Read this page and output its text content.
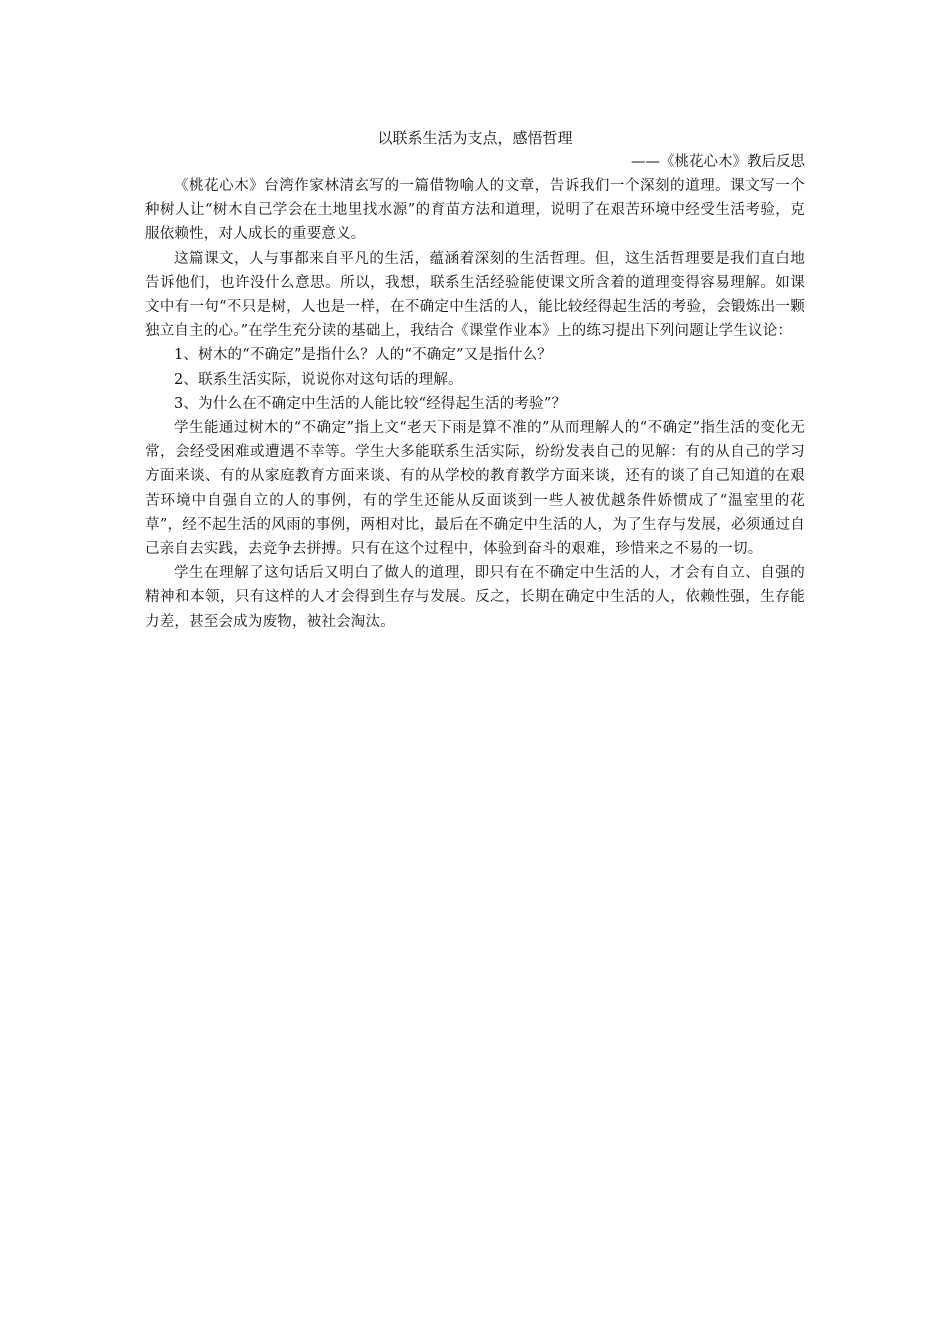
以联系生活为支点，感悟哲理

——《桃花心木》教后反思

《桃花心木》台湾作家林清玄写的一篇借物喻人的文章，告诉我们一个深刻的道理。课文写一个种树人让“树木自己学会在土地里找水源”的育苗方法和道理，说明了在艰苦环境中经受生活考验，克服依赖性，对人成长的重要意义。

这篇课文，人与事都来自平凡的生活，蕴涵着深刻的生活哲理。但，这生活哲理要是我们直白地告诉他们，也许没什么意思。所以，我想，联系生活经验能使课文所含着的道理变得容易理解。如课文中有一句“不只是树，人也是一样，在不确定中生活的人，能比较经得起生活的考验，会锻炼出一颗独立自主的心。”在学生充分读的基础上，我结合《课堂作业本》上的练习提出下列问题让学生议论：

1、树木的“不确定”是指什么？人的“不确定”又是指什么？

2、联系生活实际，说说你对这句话的理解。

3、为什么在不确定中生活的人能比较“经得起生活的考验”？

学生能通过树木的“不确定”指上文“老天下雨是算不准的”从而理解人的“不确定”指生活的变化无常，会经受困难或遭遇不幸等。学生大多能联系生活实际，纷纷发表自己的见解：有的从自己的学习方面来谈、有的从家庭教育方面来谈、有的从学校的教育教学方面来谈，还有的谈了自己知道的在艰苦环境中自强自立的人的事例，有的学生还能从反面谈到一些人被优越条件娇惯成了“温室里的花草”，经不起生活的风雨的事例，两相对比，最后在不确定中生活的人，为了生存与发展，必须通过自己亲自去实践，去竞争去拼搏。只有在这个过程中，体验到奋斗的艰难，珍惜来之不易的一切。

学生在理解了这句话后又明白了做人的道理，即只有在不确定中生活的人，才会有自立、自强的精神和本领，只有这样的人才会得到生存与发展。反之，长期在确定中生活的人，依赖性强，生存能力差，甚至会成为废物，被社会淘汰。
